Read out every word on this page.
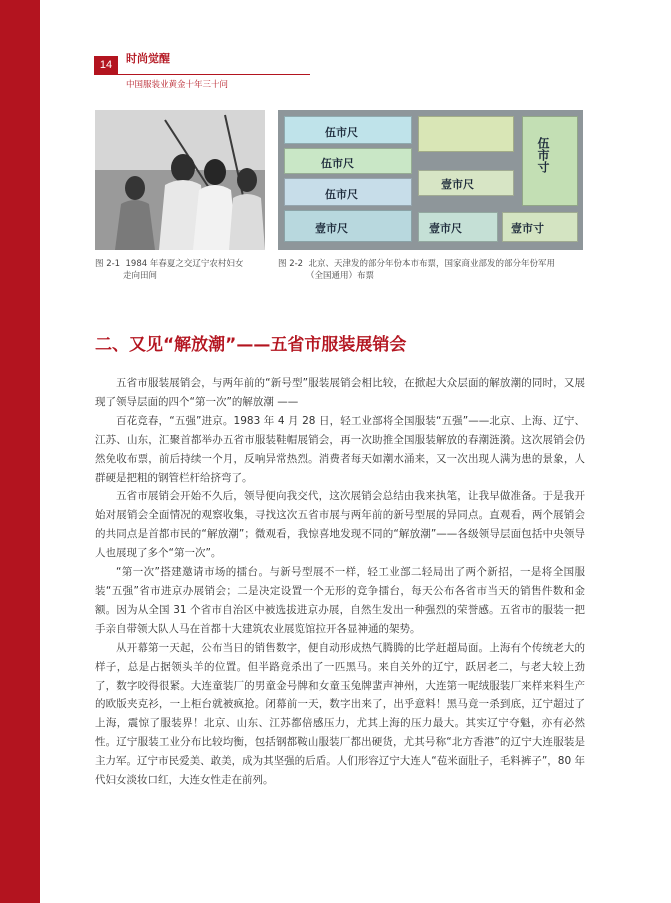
14	时尚觉醒
中国服装业黄金十年三十问
伍市尺
伍市尺
伍市尺
壹市尺
伍市寸
壹市尺
壹市尺	壹市寸
图 2-1 1984 年春夏之交辽宁农村妇女
走向田间
图 2-2 北京、天津发的部分年份本市布票，国家商业部发的部分年份军用
（全国通用）布票
二、又见“解放潮”——五省市服装展销会

五省市服装展销会，与两年前的“新号型”服装展销会相比较，在掀起大众层面的解放潮的同时，又展现了领导层面的四个“第一次”的解放潮 ——

百花竞春，“五强”进京。1983 年 4 月 28 日，轻工业部将全国服装“五强”——北京、上海、辽宁、江苏、山东，汇聚首都举办五省市服装鞋帽展销会，再一次助推全国服装解放的春潮涟漪。这次展销会仍然免收布票，前后持续一个月，反响异常热烈。消费者每天如潮水涌来，又一次出现人满为患的景象，人群硬是把粗的钢管栏杆给挤弯了。

五省市展销会开始不久后，领导便向我交代，这次展销会总结由我来执笔，让我早做准备。于是我开始对展销会全面情况的观察收集，寻找这次五省市展与两年前的新号型展的异同点。直观看，两个展销会的共同点是首都市民的“解放潮”；微观看，我惊喜地发现不同的“解放潮”——各级领导层面包括中央领导人也展现了多个“第一次”。

“第一次”搭建邀请市场的擂台。与新号型展不一样，轻工业部二轻局出了两个新招，一是将全国服装“五强”省市进京办展销会；二是决定设置一个无形的竞争擂台，每天公布各省市当天的销售件数和金额。因为从全国 31 个省市自治区中被选拔进京办展，自然生发出一种强烈的荣誉感。五省市的服装一把手亲自带领大队人马在首都十大建筑农业展览馆拉开各显神通的架势。

从开幕第一天起，公布当日的销售数字，便自动形成热气腾腾的比学赶超局面。上海有个传统老大的样子，总是占据领头羊的位置。但半路竟杀出了一匹黑马。来自关外的辽宁，跃居老二，与老大较上劲了，数字咬得很紧。大连童装厂的男童金号牌和女童玉兔牌蜚声神州，大连第一呢绒服装厂来样来料生产的欧版夹克衫，一上柜台就被疯抢。闭幕前一天，数字出来了，出乎意料！黑马竟一杀到底，辽宁超过了上海，震惊了服装界！北京、山东、江苏都倍感压力，尤其上海的压力最大。其实辽宁夺魁，亦有必然性。辽宁服装工业分布比较均衡，包括钢都鞍山服装厂都出硬货，尤其号称“北方香港”的辽宁大连服装是主力军。辽宁市民爱美、敢美，成为其坚强的后盾。人们形容辽宁大连人“苞米面肚子，毛料裤子”，80 年代妇女淡妆口红，大连女性走在前列。
